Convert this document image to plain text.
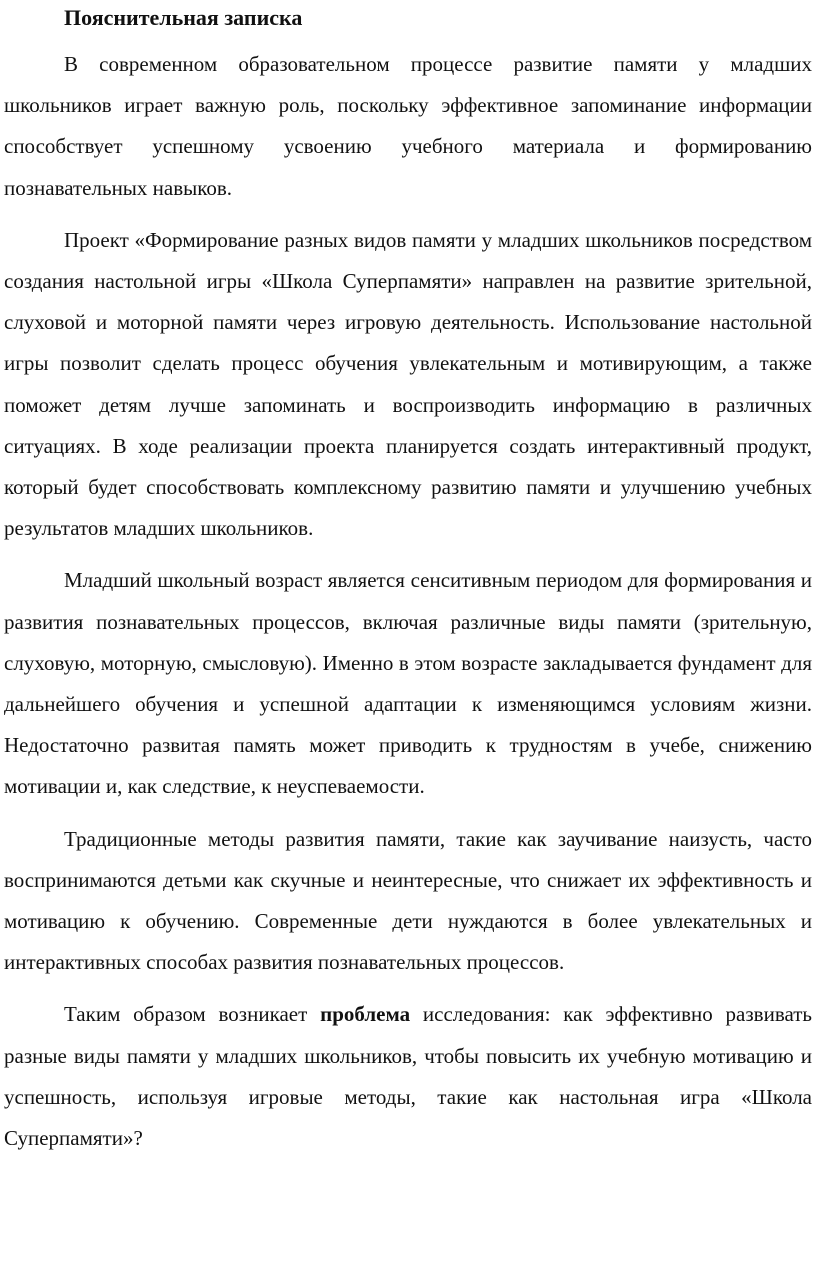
Пояснительная записка

В современном образовательном процессе развитие памяти у младших школьников играет важную роль, поскольку эффективное запоминание информации способствует успешному усвоению учебного материала и формированию познавательных навыков.

Проект «Формирование разных видов памяти у младших школьников посредством создания настольной игры «Школа Суперпамяти» направлен на развитие зрительной, слуховой и моторной памяти через игровую деятельность. Использование настольной игры позволит сделать процесс обучения увлекательным и мотивирующим, а также поможет детям лучше запоминать и воспроизводить информацию в различных ситуациях. В ходе реализации проекта планируется создать интерактивный продукт, который будет способствовать комплексному развитию памяти и улучшению учебных результатов младших школьников.

Младший школьный возраст является сенситивным периодом для формирования и развития познавательных процессов, включая различные виды памяти (зрительную, слуховую, моторную, смысловую). Именно в этом возрасте закладывается фундамент для дальнейшего обучения и успешной адаптации к изменяющимся условиям жизни. Недостаточно развитая память может приводить к трудностям в учебе, снижению мотивации и, как следствие, к неуспеваемости.

Традиционные методы развития памяти, такие как заучивание наизусть, часто воспринимаются детьми как скучные и неинтересные, что снижает их эффективность и мотивацию к обучению. Современные дети нуждаются в более увлекательных и интерактивных способах развития познавательных процессов.

Таким образом возникает проблема исследования: как эффективно развивать разные виды памяти у младших школьников, чтобы повысить их учебную мотивацию и успешность, используя игровые методы, такие как настольная игра «Школа Суперпамяти»?
